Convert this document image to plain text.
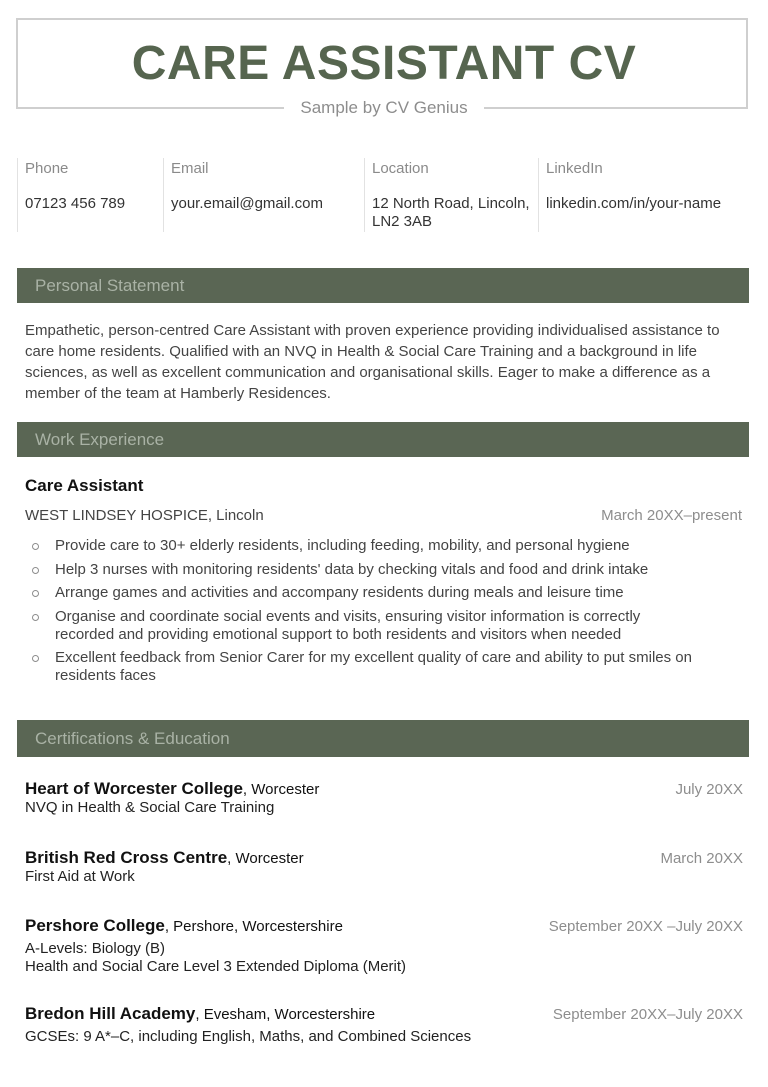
CARE ASSISTANT CV
Sample by CV Genius
Phone
07123 456 789
Email
your.email@gmail.com
Location
12 North Road, Lincoln, LN2 3AB
LinkedIn
linkedin.com/in/your-name
Personal Statement

Empathetic, person-centred Care Assistant with proven experience providing individualised assistance to care home residents. Qualified with an NVQ in Health & Social Care Training and a background in life sciences, as well as excellent communication and organisational skills. Eager to make a difference as a member of the team at Hamberly Residences.

Work Experience
Care Assistant
WEST LINDSEY HOSPICE, Lincoln	March 20XX–present
Provide care to 30+ elderly residents, including feeding, mobility, and personal hygiene
Help 3 nurses with monitoring residents' data by checking vitals and food and drink intake
Arrange games and activities and accompany residents during meals and leisure time
Organise and coordinate social events and visits, ensuring visitor information is correctly recorded and providing emotional support to both residents and visitors when needed
Excellent feedback from Senior Carer for my excellent quality of care and ability to put smiles on residents faces
Certifications & Education
Heart of Worcester College, Worcester	July 20XX
NVQ in Health & Social Care Training
British Red Cross Centre, Worcester	March 20XX
First Aid at Work
Pershore College, Pershore, Worcestershire	September 20XX –July 20XX
A-Levels: Biology (B)
Health and Social Care Level 3 Extended Diploma (Merit)
Bredon Hill Academy, Evesham, Worcestershire	September 20XX–July 20XX
GCSEs: 9 A*–C, including English, Maths, and Combined Sciences
